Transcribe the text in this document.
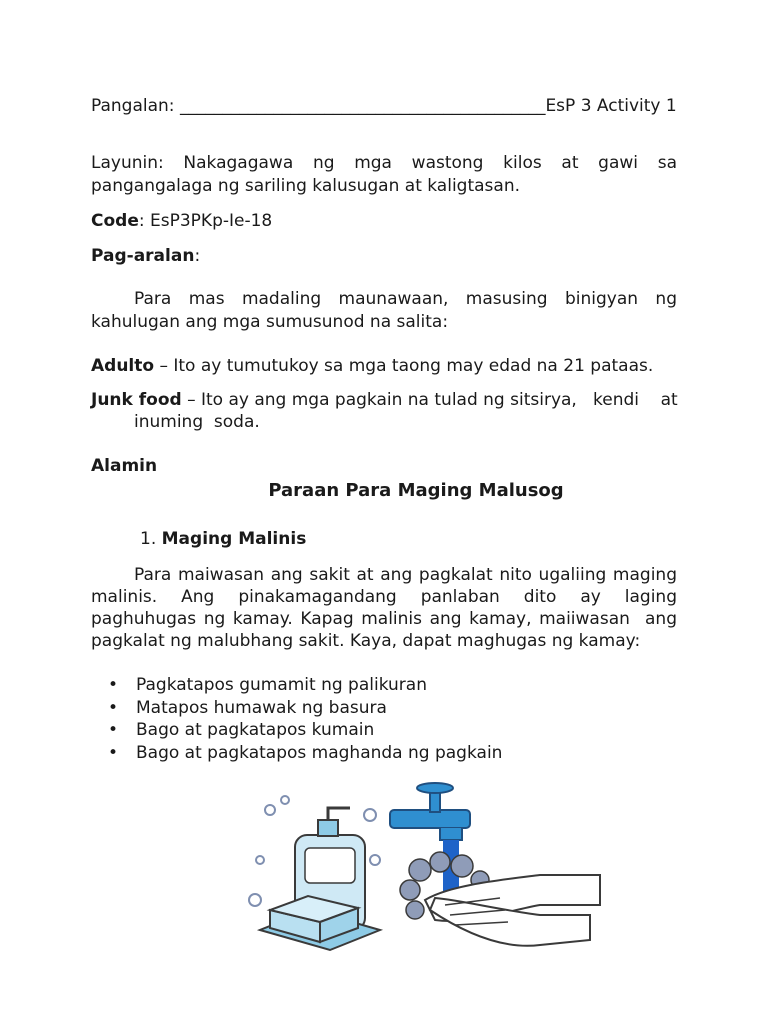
Pangalan: ___________________________________________EsP 3 Activity 1
Layunin: Nakagagawa ng mga wastong kilos at gawi sa
pangangalaga ng sariling kalusugan at kaligtasan.
Code: EsP3PKp-Ie-18
Pag-aralan:
Para mas madaling maunawaan, masusing binigyan ng
kahulugan ang mga sumusunod na salita:
Adulto – Ito ay tumutukoy sa mga taong may edad na 21 pataas.
Junk food – Ito ay ang mga pagkain na tulad ng sitsirya,   kendi    at
inuming  soda.
Alamin
Paraan Para Maging Malusog
1. Maging Malinis
Para maiwasan ang sakit at ang pagkalat nito ugaliing maging
malinis. Ang pinakamagandang panlaban dito ay laging
paghuhugas ng kamay. Kapag malinis ang kamay, maiiwasan  ang
pagkalat ng malubhang sakit. Kaya, dapat maghugas ng kamay:
• Pagkatapos gumamit ng palikuran
• Matapos humawak ng basura
• Bago at pagkatapos kumain
• Bago at pagkatapos maghanda ng pagkain
